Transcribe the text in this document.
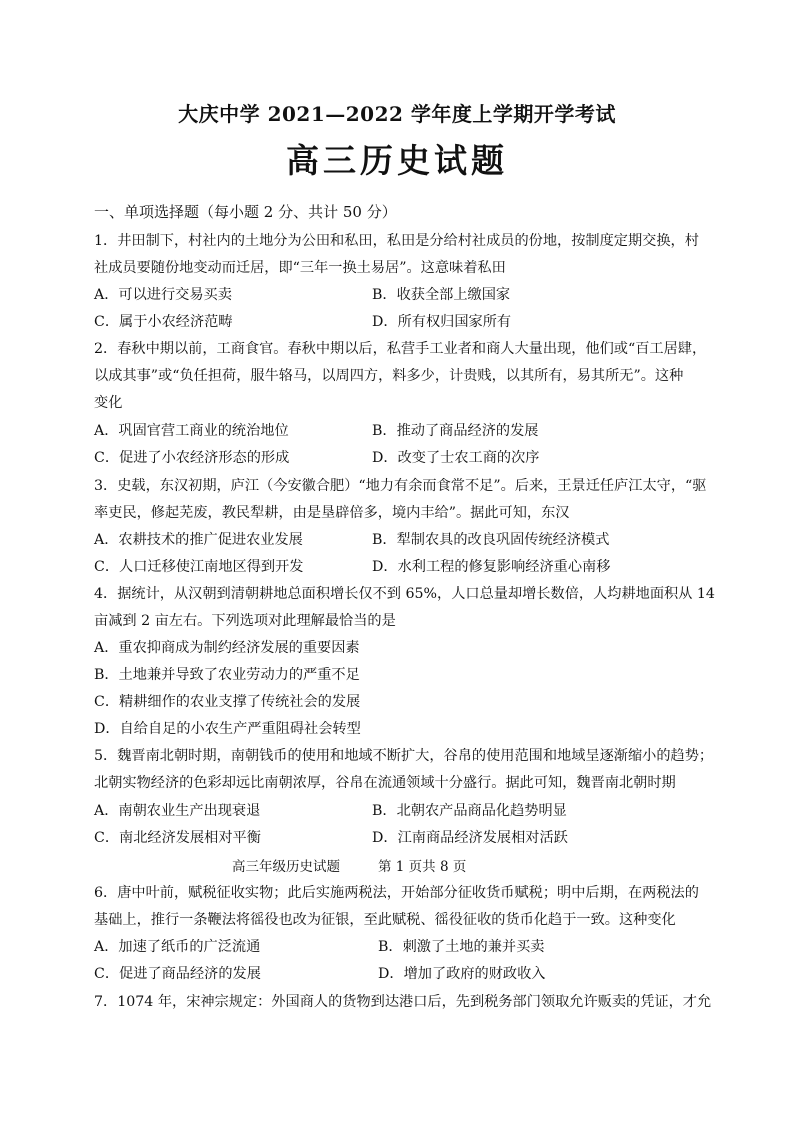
大庆中学 2021—2022 学年度上学期开学考试
高三历史试题
一、单项选择题（每小题 2 分、共计 50 分）
1．井田制下，村社内的土地分为公田和私田，私田是分给村社成员的份地，按制度定期交换，村
社成员要随份地变动而迁居，即“三年一换土易居”。这意味着私田
A．可以进行交易买卖	B．收获全部上缴国家
C．属于小农经济范畴	D．所有权归国家所有
2．春秋中期以前，工商食官。春秋中期以后，私营手工业者和商人大量出现，他们或“百工居肆，
以成其事”或“负任担荷，服牛辂马，以周四方，料多少，计贵贱，以其所有，易其所无”。这种
变化
A．巩固官营工商业的统治地位	B．推动了商品经济的发展
C．促进了小农经济形态的形成	D．改变了士农工商的次序
3．史载，东汉初期，庐江（今安徽合肥）“地力有余而食常不足”。后来，王景迁任庐江太守，“驱
率吏民，修起芜废，教民犁耕，由是垦辟倍多，境内丰给”。据此可知，东汉
A．农耕技术的推广促进农业发展	B．犁制农具的改良巩固传统经济模式
C．人口迁移使江南地区得到开发	D．水利工程的修复影响经济重心南移
4．据统计，从汉朝到清朝耕地总面积增长仅不到 65%，人口总量却增长数倍，人均耕地面积从 14
亩减到 2 亩左右。下列选项对此理解最恰当的是
A．重农抑商成为制约经济发展的重要因素
B．土地兼并导致了农业劳动力的严重不足
C．精耕细作的农业支撑了传统社会的发展
D．自给自足的小农生产严重阻碍社会转型
5．魏晋南北朝时期，南朝钱币的使用和地域不断扩大，谷帛的使用范围和地域呈逐渐缩小的趋势；
北朝实物经济的色彩却远比南朝浓厚，谷帛在流通领域十分盛行。据此可知，魏晋南北朝时期
A．南朝农业生产出现衰退	B．北朝农产品商品化趋势明显
C．南北经济发展相对平衡	D．江南商品经济发展相对活跃
高三年级历史试题	第 1 页共 8 页
6．唐中叶前，赋税征收实物；此后实施两税法，开始部分征收货币赋税；明中后期，在两税法的
基础上，推行一条鞭法将徭役也改为征银，至此赋税、徭役征收的货币化趋于一致。这种变化
A．加速了纸币的广泛流通	B．刺激了土地的兼并买卖
C．促进了商品经济的发展	D．增加了政府的财政收入
7．1074 年，宋神宗规定：外国商人的货物到达港口后，先到税务部门领取允许贩卖的凭证，才允
